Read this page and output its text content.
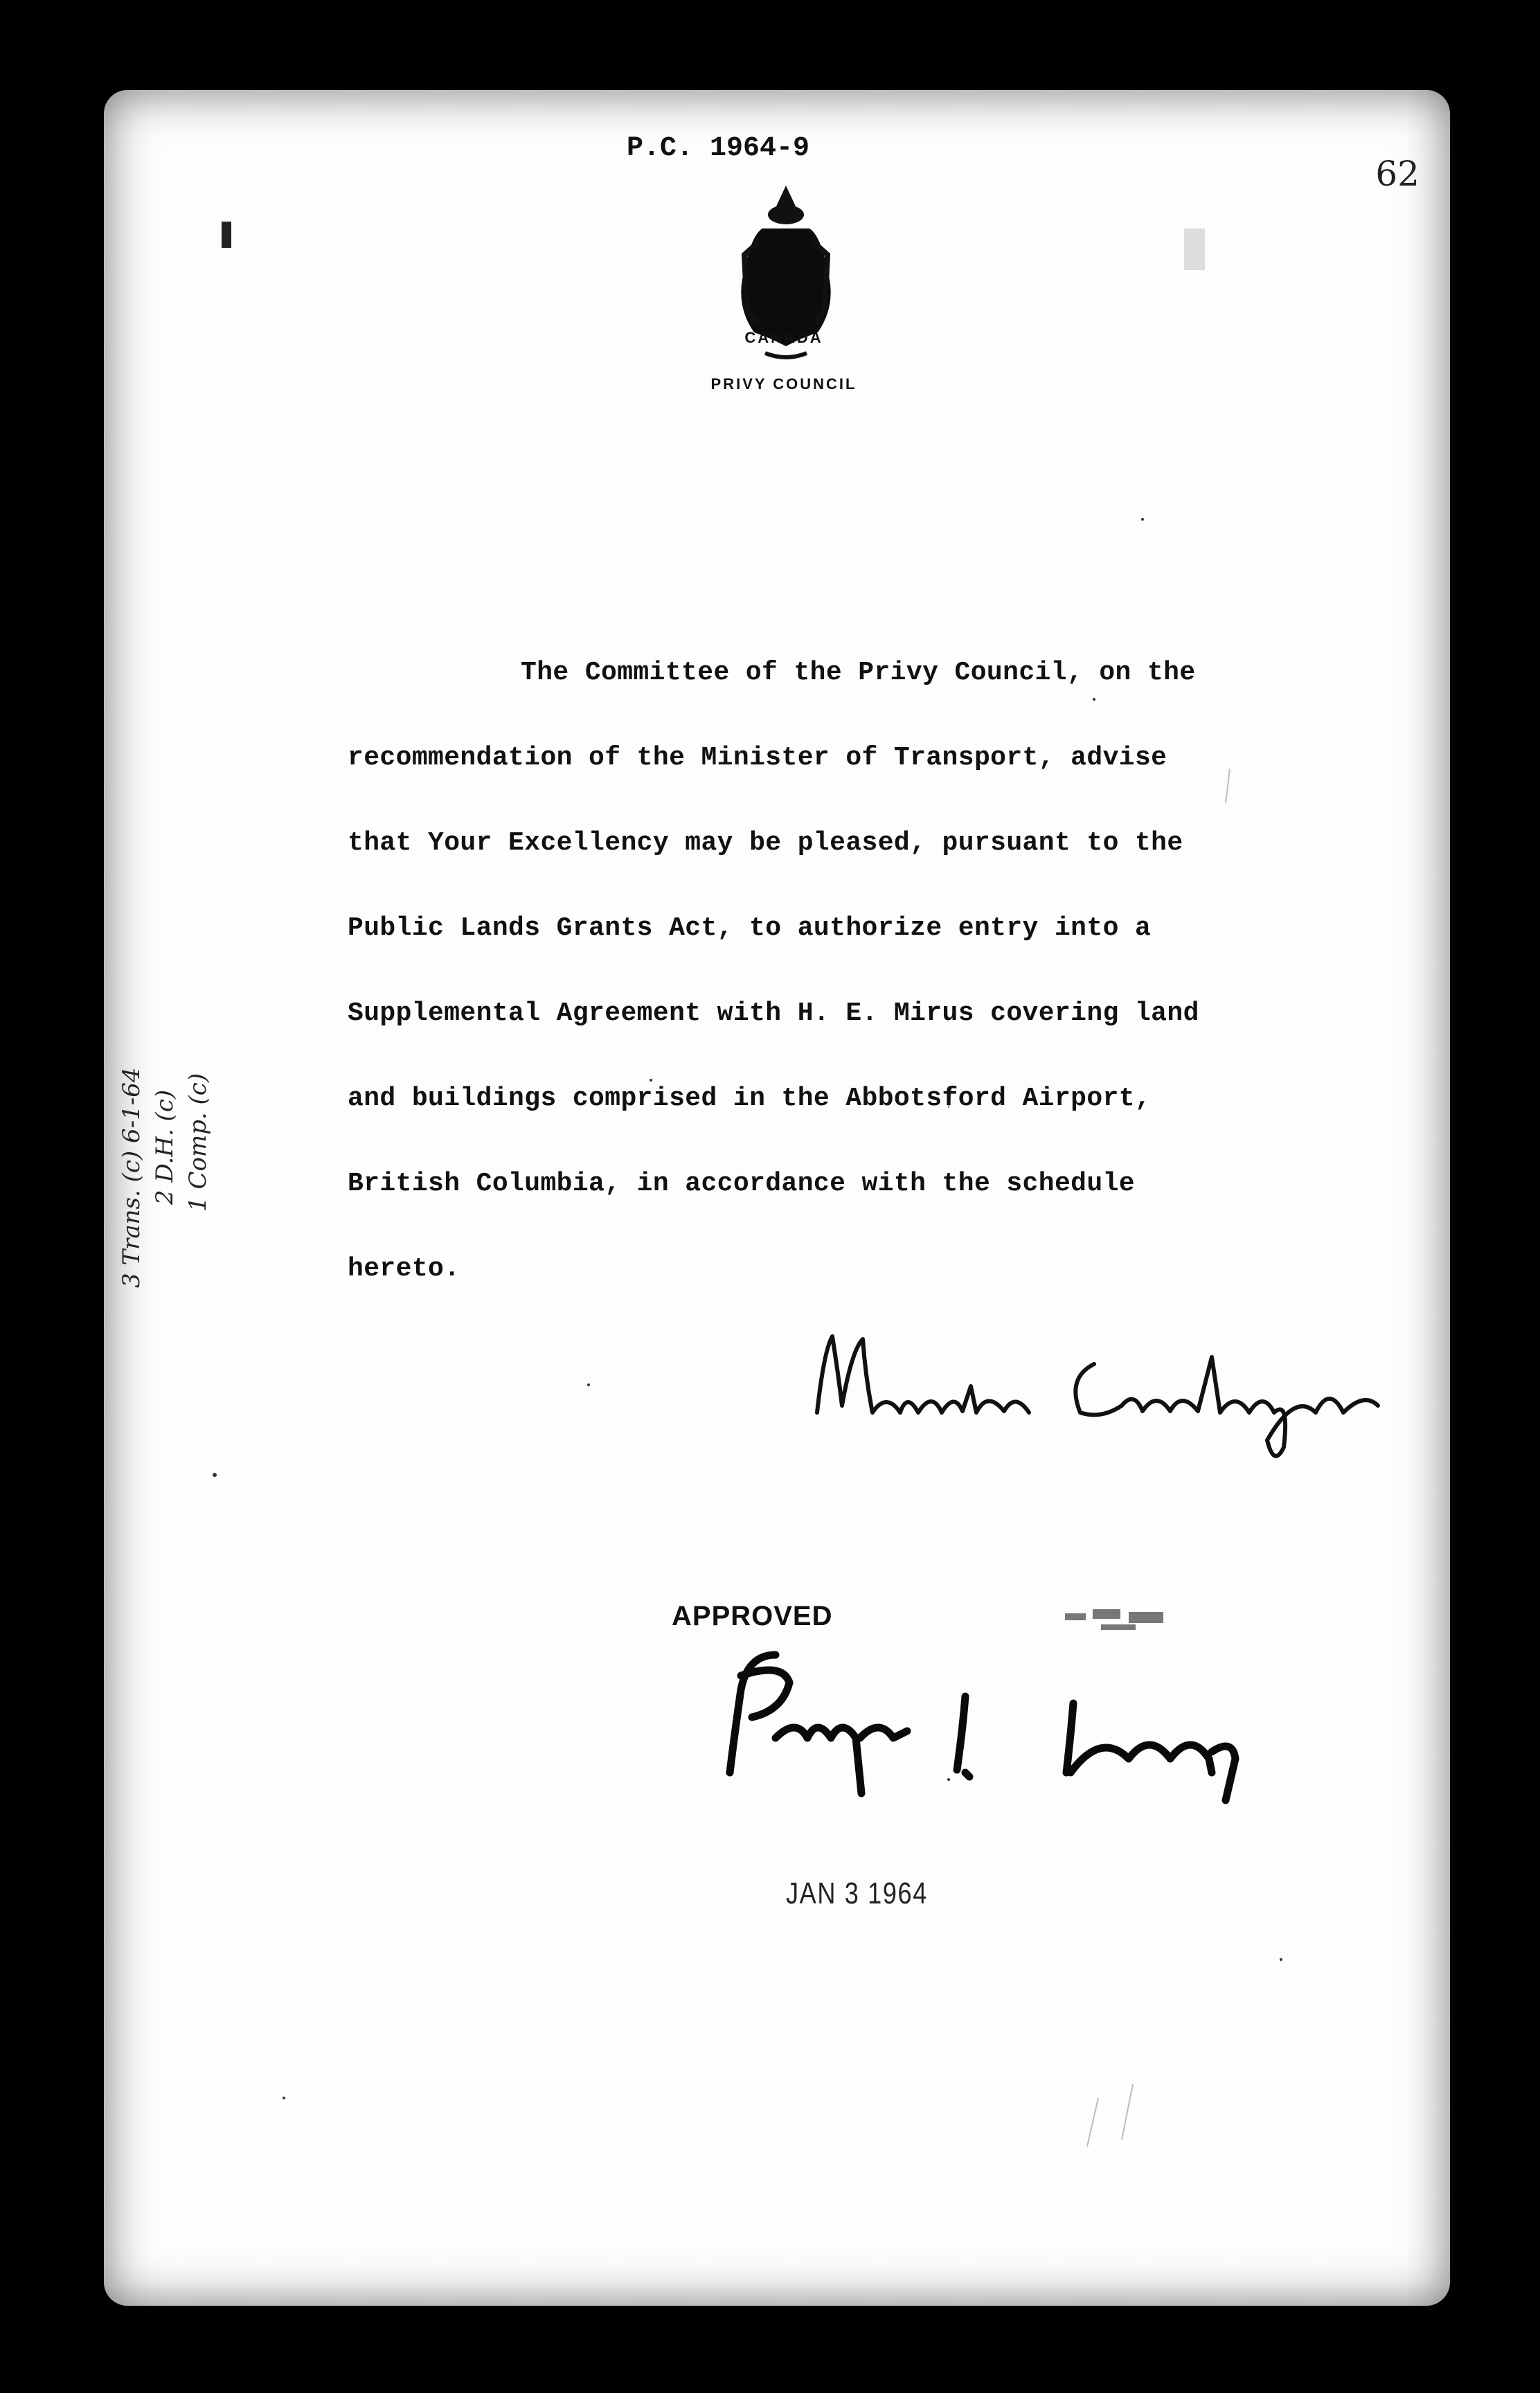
P.C. 1964-9
62
CANADA
PRIVY COUNCIL
The Committee of the Privy Council, on the
recommendation of the Minister of Transport, advise
that Your Excellency may be pleased, pursuant to the
Public Lands Grants Act, to authorize entry into a
Supplemental Agreement with H. E. Mirus covering land
and buildings comprised in the Abbotsford Airport,
British Columbia, in accordance with the schedule
hereto.
3 Trans. (c) 6-1-64 2 D.H. (c) 1 Comp. (c)
APPROVED
JAN 3 1964
